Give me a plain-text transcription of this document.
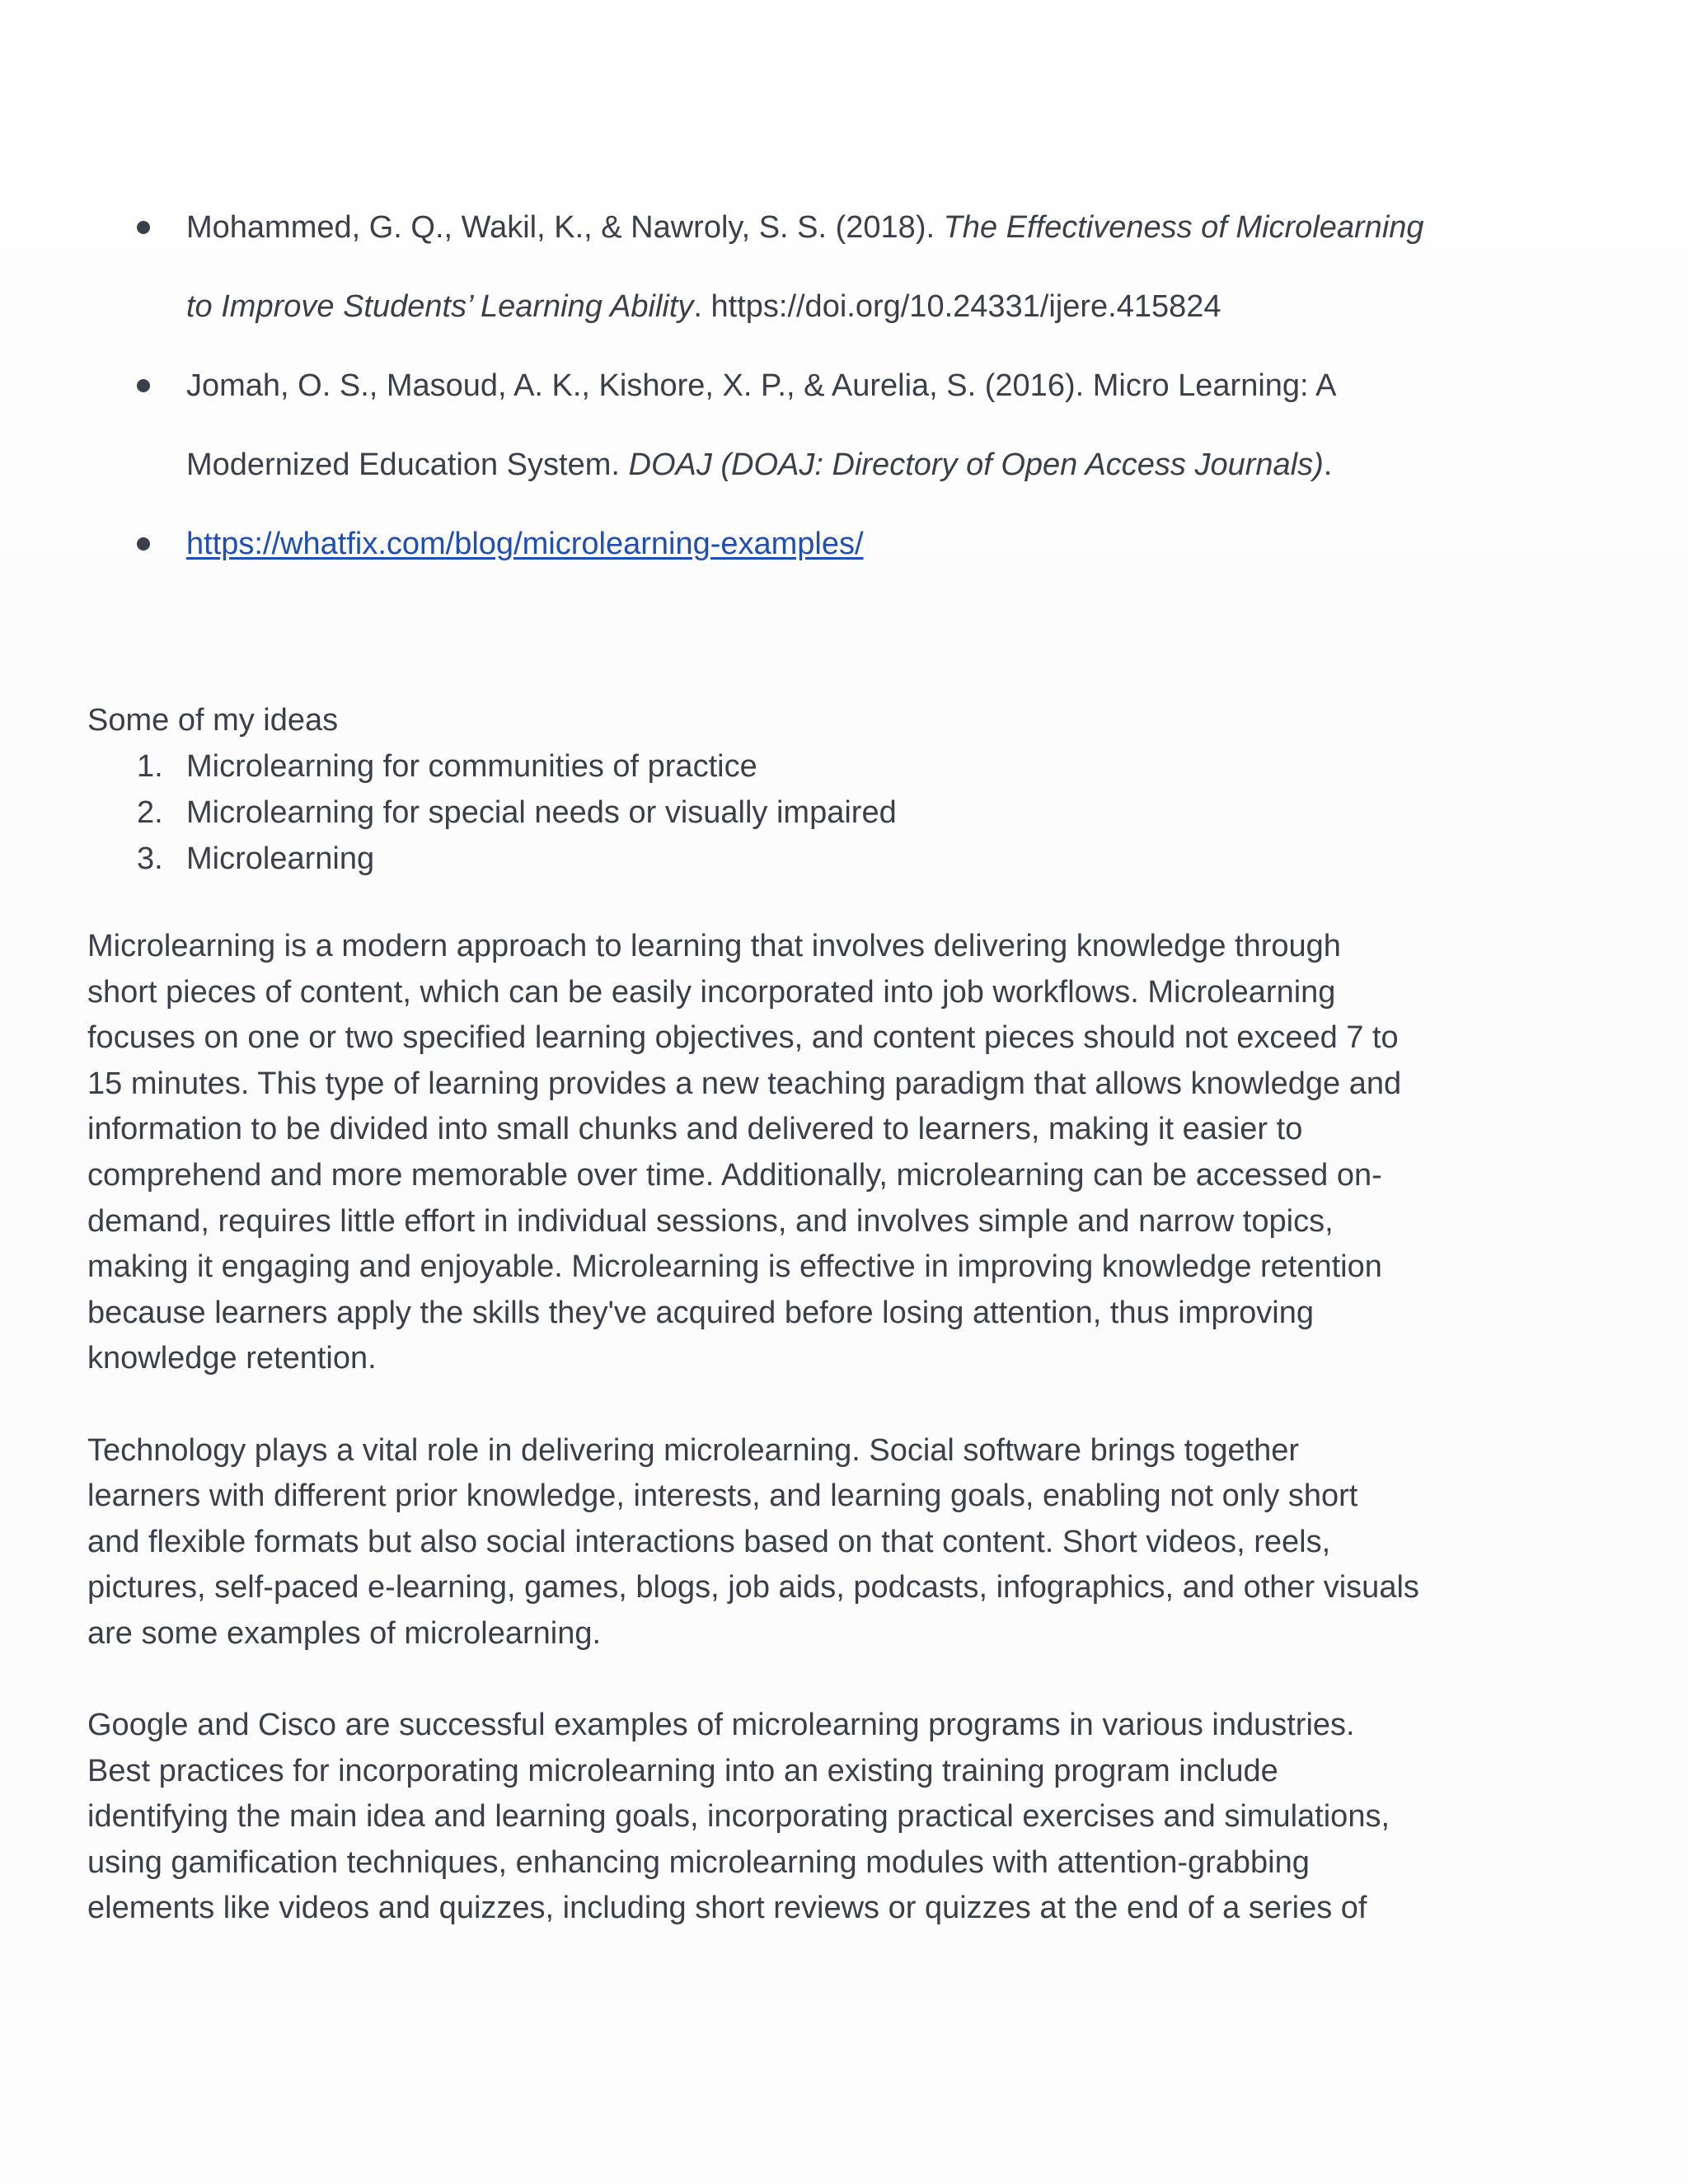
Mohammed, G. Q., Wakil, K., & Nawroly, S. S. (2018). The Effectiveness of Microlearning
to Improve Students’ Learning Ability. https://doi.org/10.24331/ijere.415824
Jomah, O. S., Masoud, A. K., Kishore, X. P., & Aurelia, S. (2016). Micro Learning: A
Modernized Education System. DOAJ (DOAJ: Directory of Open Access Journals).
https://whatfix.com/blog/microlearning-examples/

Some of my ideas

1. Microlearning for communities of practice
2. Microlearning for special needs or visually impaired
3. Microlearning

Microlearning is a modern approach to learning that involves delivering knowledge through
short pieces of content, which can be easily incorporated into job workflows. Microlearning
focuses on one or two specified learning objectives, and content pieces should not exceed 7 to
15 minutes. This type of learning provides a new teaching paradigm that allows knowledge and
information to be divided into small chunks and delivered to learners, making it easier to
comprehend and more memorable over time. Additionally, microlearning can be accessed on-
demand, requires little effort in individual sessions, and involves simple and narrow topics,
making it engaging and enjoyable. Microlearning is effective in improving knowledge retention
because learners apply the skills they've acquired before losing attention, thus improving
knowledge retention.

Technology plays a vital role in delivering microlearning. Social software brings together
learners with different prior knowledge, interests, and learning goals, enabling not only short
and flexible formats but also social interactions based on that content. Short videos, reels,
pictures, self-paced e-learning, games, blogs, job aids, podcasts, infographics, and other visuals
are some examples of microlearning.

Google and Cisco are successful examples of microlearning programs in various industries.
Best practices for incorporating microlearning into an existing training program include
identifying the main idea and learning goals, incorporating practical exercises and simulations,
using gamification techniques, enhancing microlearning modules with attention-grabbing
elements like videos and quizzes, including short reviews or quizzes at the end of a series of
